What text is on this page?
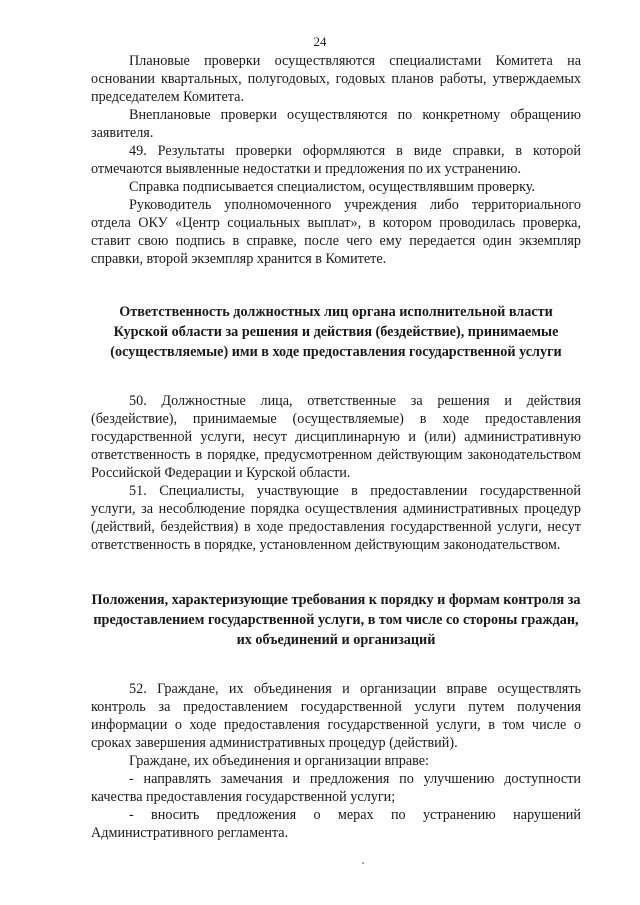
24

Плановые проверки осуществляются специалистами Комитета на основании квартальных, полугодовых, годовых планов работы, утверждаемых председателем Комитета.

Внеплановые проверки осуществляются по конкретному обращению заявителя.

49. Результаты проверки оформляются в виде справки, в которой отмечаются выявленные недостатки и предложения по их устранению.

Справка подписывается специалистом, осуществлявшим проверку.

Руководитель уполномоченного учреждения либо территориального отдела ОКУ «Центр социальных выплат», в котором проводилась проверка, ставит свою подпись в справке, после чего ему передается один экземпляр справки, второй экземпляр хранится в Комитете.

Ответственность должностных лиц органа исполнительной власти Курской области за решения и действия (бездействие), принимаемые (осуществляемые) ими в ходе предоставления государственной услуги

50. Должностные лица, ответственные за решения и действия (бездействие), принимаемые (осуществляемые) в ходе предоставления государственной услуги, несут дисциплинарную и (или) административную ответственность в порядке, предусмотренном действующим законодательством Российской Федерации и Курской области.

51. Специалисты, участвующие в предоставлении государственной услуги, за несоблюдение порядка осуществления административных процедур (действий, бездействия) в ходе предоставления государственной услуги, несут ответственность в порядке, установленном действующим законодательством.

Положения, характеризующие требования к порядку и формам контроля за предоставлением государственной услуги, в том числе со стороны граждан, их объединений и организаций

52. Граждане, их объединения и организации вправе осуществлять контроль за предоставлением государственной услуги путем получения информации о ходе предоставления государственной услуги, в том числе о сроках завершения административных процедур (действий).

Граждане, их объединения и организации вправе:

- направлять замечания и предложения по улучшению доступности качества предоставления государственной услуги;

- вносить предложения о мерах по устранению нарушений Административного регламента.
